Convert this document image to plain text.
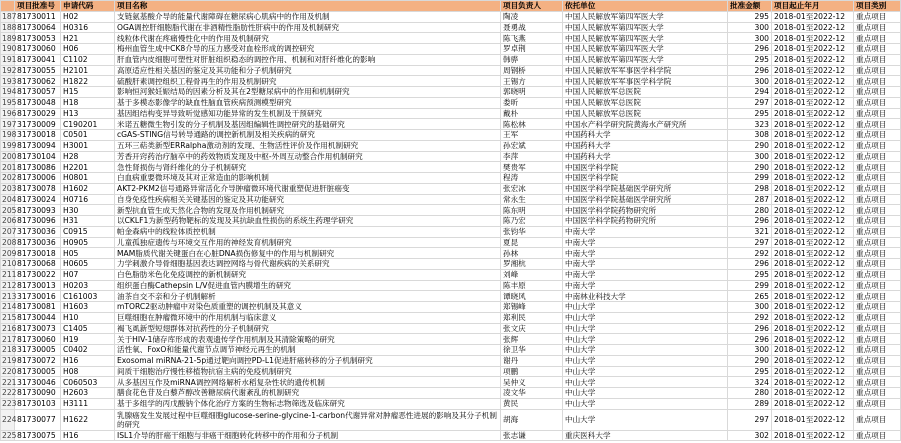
	项目批准号	申请代码	项目名称	项目负责人	依托单位	批准金额	项目起止年月	项目类别
187	81730011	H02	支链氨基酸介导的能量代谢障碍在糖尿病心肌病中的作用及机制	陶凌	中国人民解放军第四军医大学	295	2018-01至2022-12	重点项目
188	81730064	H0316	OGA调控肝细胞脂代谢在非酒精性脂肪性肝病中的作用及机制研究	聂勇战	中国人民解放军第四军医大学	300	2018-01至2022-12	重点项目
189	81730053	H21	线粒体代谢在疼痛慢性化中的作用及机制研究	陈飞燕	中国人民解放军第四军医大学	300	2018-01至2022-12	重点项目
190	81730060	H06	梅州血管生成中CK8介导的压力感受对血栓形成的调控研究	罗卓荆	中国人民解放军第四军医大学	296	2018-01至2022-12	重点项目
191	81730041	C1102	肝血管内皮细胞可塑性对肝脏组织稳态的调控作用、机制和对肝纤维化的影响	韩骅	中国人民解放军第四军医大学	295	2018-01至2022-12	重点项目
192	81730055	H2101	高原适应性相关基因的鉴定及其功能和分子机制研究	周钢桥	中国人民解放军军事医学科学院	296	2018-01至2022-12	重点项目
193	81730062	H1822	硫酸肝素调控组织工程骨再生的作用及机制研究	王锡方	中国人民解放军军事医学科学院	300	2018-01至2022-12	重点项目
194	81730057	H15	影响恒河猴妊娠结局的因素分析及其在2型糖尿病中的作用和机制研究	郭晓明	中国人民解放军总医院	294	2018-01至2022-12	重点项目
195	81730048	H18	基于多模态影像学的缺血性脑血管疾病预测模型研究	娄昕	中国人民解放军总医院	297	2018-01至2022-12	重点项目
196	81730029	H13	基因组结构变异导致听觉感知功能异常的发生机制及干预研究	戴朴	中国人民解放军总医院	295	2018-01至2022-12	重点项目
197	31730009	C190201	米诺五糖微生物引发的分子机制及基因组编辑性调控研究的基础研究	陈松林	中国水产科学研究院黄海水产研究所	323	2018-01至2022-12	重点项目
198	31730018	C0501	cGAS-STING信号转导通路的调控新机制及相关疾病的研究	王军	中国药科大学	308	2018-01至2022-12	重点项目
199	81730094	H3001	五环三萜类新型ERRalpha激动剂的发现、生物活性评价及作用机制研究	孙宏斌	中国药科大学	290	2018-01至2022-12	重点项目
200	81730104	H28	芳香开窍药治疗脑卒中的药效物质发现及中枢-外周互动整合作用机制研究	李萍	中国药科大学	300	2018-01至2022-12	重点项目
201	81730086	H2201	急性肾损伤与肾纤维化的分子机制研究	樊贵军	中国医学科学院	290	2018-01至2022-12	重点项目
202	81730006	H0801	白血病重要微环境及其对正常造血的影响机制	程涛	中国医学科学院	299	2018-01至2022-12	重点项目
203	81730078	H1602	AKT2-PKM2信号通路异常活化介导肿瘤微环境代谢重塑促进肝脏癌变	张宏冰	中国医学科学院基础医学研究所	298	2018-01至2022-12	重点项目
204	81730024	H0716	自身免疫性疾病相关关键基因的鉴定及其功能研究	常永生	中国医学科学院基础医学研究所	287	2018-01至2022-12	重点项目
205	81730093	H30	新型抗血管生成天然化合物的发现及作用机制研究	陈东明	中国医学科学院药物研究所	280	2018-01至2022-12	重点项目
206	81730096	H31	以CKLF1为新型药物靶标的发现及其抗缺血性损伤的系统生药理学研究	陈乃宏	中国医学科学院药物研究所	296	2018-01至2022-12	重点项目
207	31730036	C0915	帕金森病中的线粒体质控机制	张钧华	中南大学	321	2018-01至2022-12	重点项目
208	81730036	H0905	儿童孤独症遗传与环境交互作用的神经发育机制研究	夏昆	中南大学	297	2018-01至2022-12	重点项目
209	81730018	H05	MAM脂质代谢关键蛋白在心脏DNA损伤修复中的作用与机制研究	孙林	中南大学	292	2018-01至2022-12	重点项目
210	81730068	H0605	力学刺激介导骨细胞基因表达调控网络与骨代谢疾病的关系研究	罗湘杭	中南大学	296	2018-01至2022-12	重点项目
211	81730022	H07	白色脂肪米色化免疫调控的新机制研究	刘峰	中南大学	295	2018-01至2022-12	重点项目
212	81730013	H0203	组织蛋白酶Cathepsin L/V促进血管内膜增生的研究	陈丰原	中南大学	299	2018-01至2022-12	重点项目
213	31730016	C161003	油茶自交不亲和分子机制解析	谭晓风	中南林业科技大学	265	2018-01至2022-12	重点项目
214	81730081	H1603	mTORC2驱动肿瘤中对染色质重塑的调控机制及其意义	郑锡峰	中山大学	300	2018-01至2022-12	重点项目
215	81730044	H10	巨噬细胞在肿瘤微环境中的作用机制与临床意义	郑利民	中山大学	292	2018-01至2022-12	重点项目
216	81730073	C1405	褐飞虱新型短翅群体对抗药性的分子机制研究	张文庆	中山大学	296	2018-01至2022-12	重点项目
217	81730060	H19	关于HIV-1储存库形成的表观遗传学作用机制及其清除策略的研究	张辉	中山大学	296	2018-01至2022-12	重点项目
218	31730005	C0402	活性氧、FoxO和能量代谢节点调节神经元再生的机制	徐卫华	中山大学	300	2018-01至2022-12	重点项目
219	81730072	H16	Exosomal miRNA-21-5p通过靶向调控PD-L1促进肝癌转移的分子机制研究	谢丹	中山大学	290	2018-01至2022-12	重点项目
220	81730005	H08	间质干细胞治疗慢性移植物抗宿主病的免疫机制研究	项鹏	中山大学	295	2018-01至2022-12	重点项目
221	31730046	C060503	从多基因互作及miRNA调控网络解析水稻复杂性状的遗传机制	吴仲义	中山大学	324	2018-01至2022-12	重点项目
222	81730090	H2603	膳食花色苷及白藜芦醇改善糖尿病代谢紊乱的机制研究	凌文华	中山大学	280	2018-01至2022-12	重点项目
223	81730103	H3111	基于多组学的丙戊酸钠个体化治疗方案的生物标志物筛选及临床研究	黄民	中山大学	289	2018-01至2022-12	重点项目
224	81730077	H1622	乳腺癌发生发展过程中巨噬细胞glucose-serine-glycine-1-carbon代谢异常对肿瘤恶性进展的影响及其分子机制的研究	胡海	中山大学	297	2018-01至2022-12	重点项目
225	81730075	H16	ISL1介导的肝癌干细胞与非癌干细胞转化转移中的作用和分子机制	张志谦	重庆医科大学	302	2018-01至2022-12	重点项目
